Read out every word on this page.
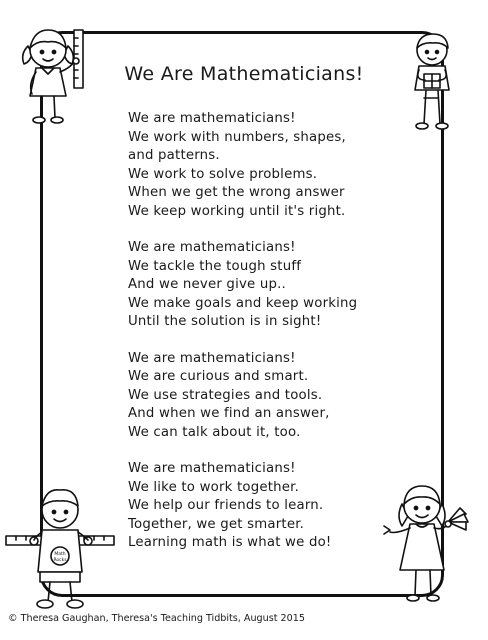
We Are Mathematicians!
We are mathematicians!
We work with numbers, shapes,
and patterns.
We work to solve problems.
When we get the wrong answer
We keep working until it's right.
We are mathematicians!
We tackle the tough stuff
And we never give up..
We make goals and keep working
Until the solution is in sight!
We are mathematicians!
We are curious and smart.
We use strategies and tools.
And when we find an answer,
We can talk about it, too.
We are mathematicians!
We like to work together.
We help our friends to learn.
Together, we get smarter.
Learning math is what we do!
Math
Rocks
© Theresa Gaughan, Theresa's Teaching Tidbits, August 2015
